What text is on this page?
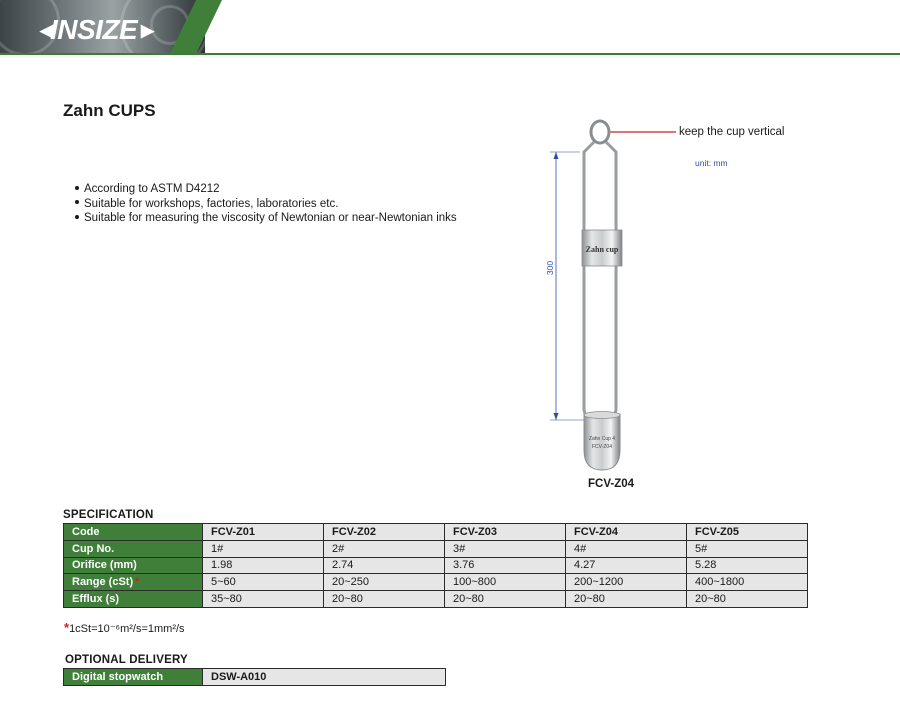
◀
INSIZE ▶
Zahn CUPS
According to ASTM D4212
Suitable for workshops, factories, laboratories etc.
Suitable for measuring the viscosity of Newtonian or near-Newtonian inks
Zahn cup
Zahn Cup 4
FCV-Z04
300
keep the cup vertical
unit: mm
FCV-Z04
SPECIFICATION
Code	FCV-Z01	FCV-Z02	FCV-Z03	FCV-Z04	FCV-Z05
Cup No.	1#	2#	3#	4#	5#
Orifice (mm)	1.98	2.74	3.76	4.27	5.28
Range (cSt) *	5~60	20~250	100~800	200~1200	400~1800
Efflux (s)	35~80	20~80	20~80	20~80	20~80
*1cSt=10⁻⁶m²/s=1mm²/s
OPTIONAL DELIVERY
Digital stopwatch	DSW-A010
